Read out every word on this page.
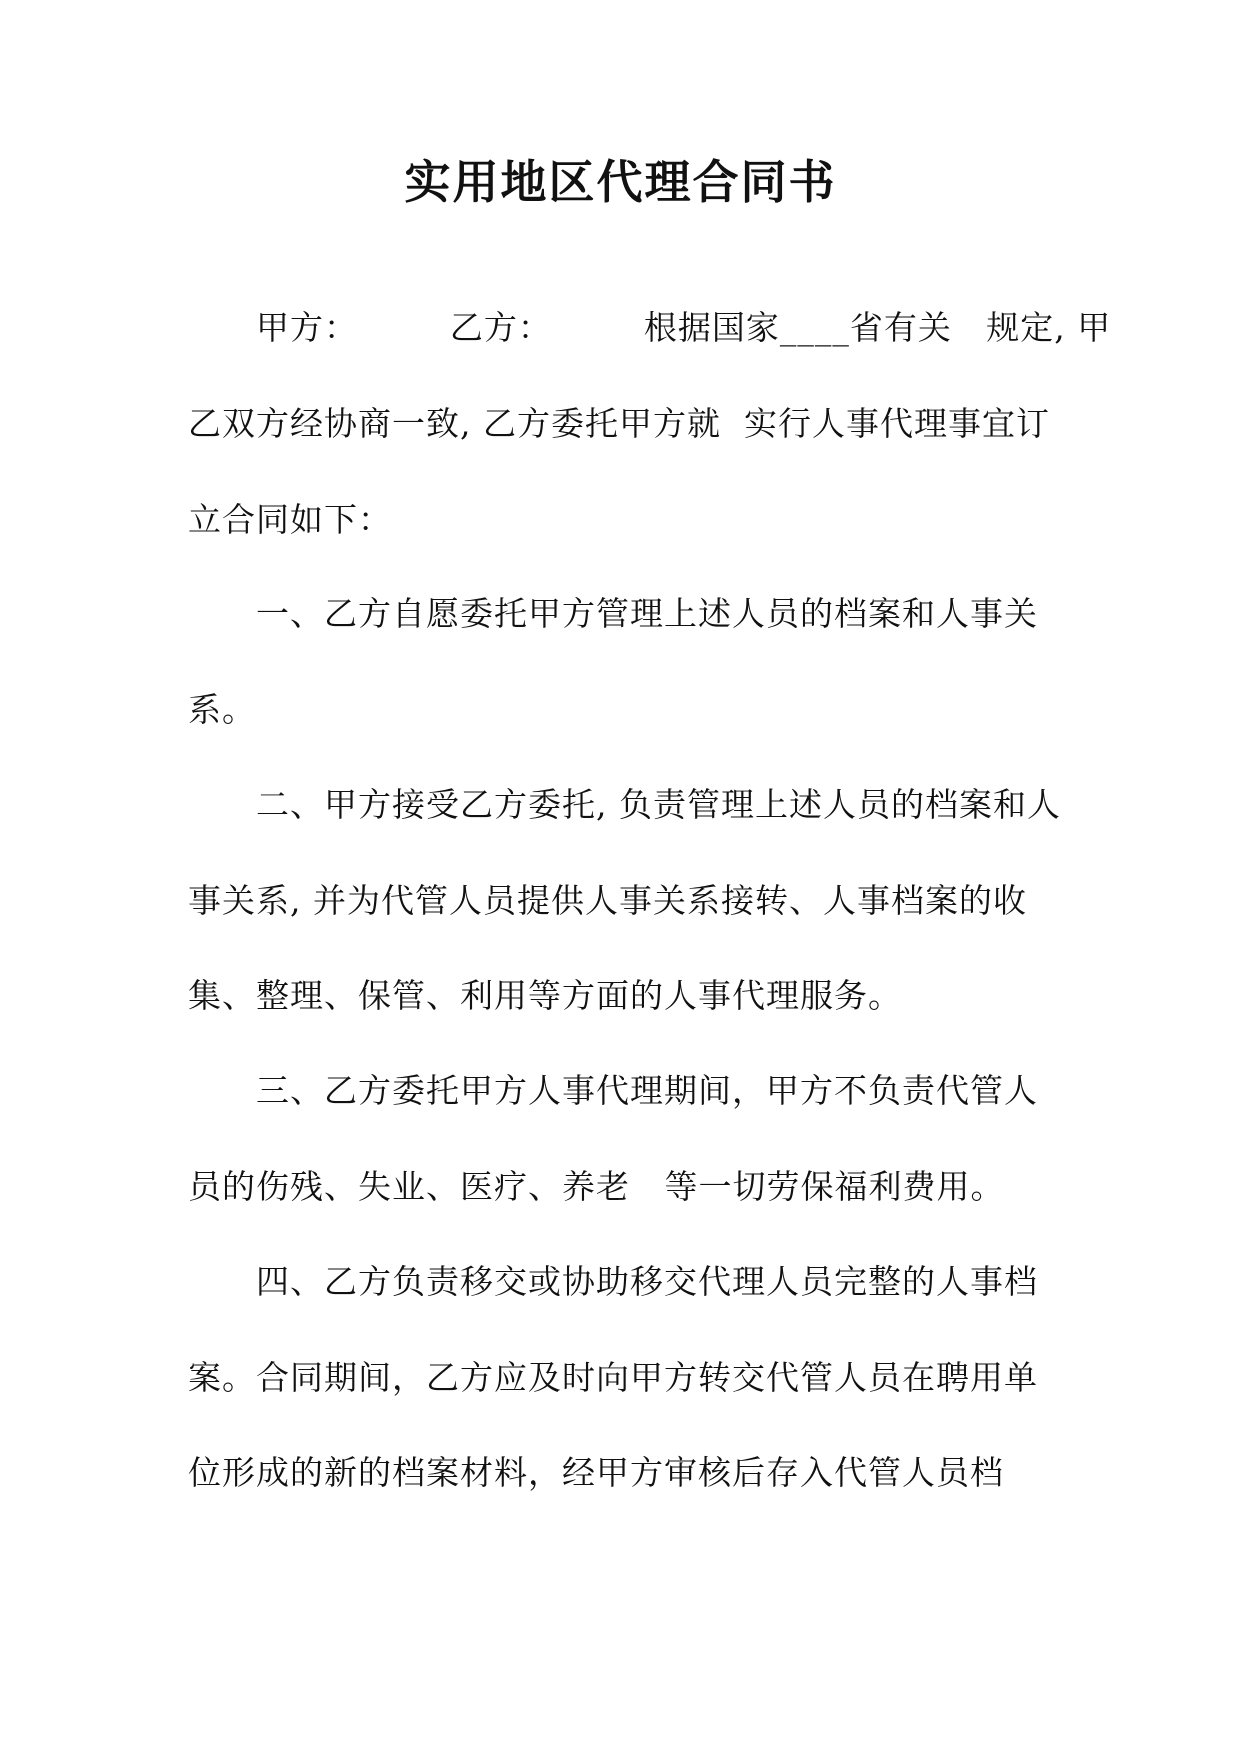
实用地区代理合同书
甲方：        乙方：        根据国家____省有关   规定, 甲
乙双方经协商一致, 乙方委托甲方就  实行人事代理事宜订
立合同如下：
一、乙方自愿委托甲方管理上述人员的档案和人事关
系。
二、甲方接受乙方委托, 负责管理上述人员的档案和人
事关系, 并为代管人员提供人事关系接转、人事档案的收
集、整理、保管、利用等方面的人事代理服务。
三、乙方委托甲方人事代理期间，甲方不负责代管人
员的伤残、失业、医疗、养老   等一切劳保福利费用。
四、乙方负责移交或协助移交代理人员完整的人事档
案。合同期间，乙方应及时向甲方转交代管人员在聘用单
位形成的新的档案材料，经甲方审核后存入代管人员档
